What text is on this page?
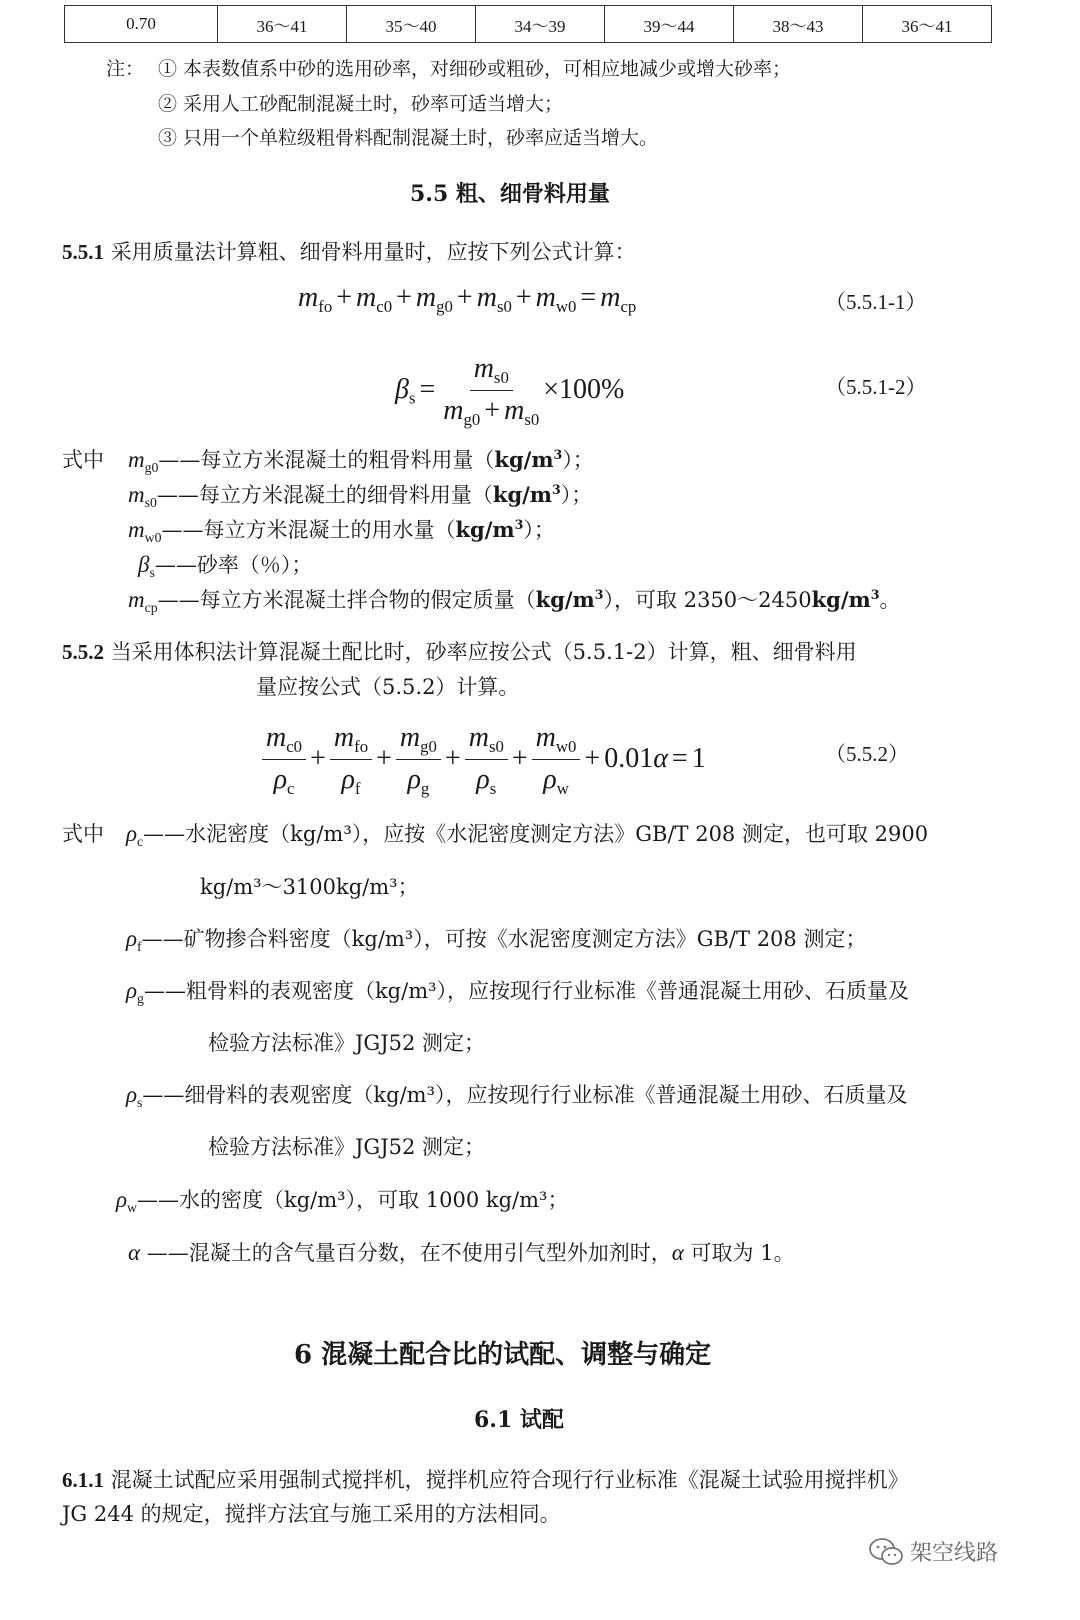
0.70	36～41	35～40	34～39	39～44	38～43	36～41
注： ① 本表数值系中砂的选用砂率，对细砂或粗砂，可相应地减少或增大砂率；
② 采用人工砂配制混凝土时，砂率可适当增大；
③ 只用一个单粒级粗骨料配制混凝土时，砂率应适当增大。
5.5 粗、细骨料用量
5.5.1 采用质量法计算粗、细骨料用量时，应按下列公式计算：
$m_{fo} + m_{c0} + m_{g0} + m_{s0} + m_{w0} = m_{cp}$	（5.5.1-1）
$\beta_s = \frac{m_{s0}}{m_{g0} + m_{s0}} \times 100\%$	（5.5.1-2）
式中 $m_{g0}——$每立方米混凝土的粗骨料用量$(kg/m^3)$；
$m_{s0}——$每立方米混凝土的细骨料用量$(kg/m^3)$；
$m_{w0}——$每立方米混凝土的用水量$(kg/m^3)$；
$\beta_s——$砂率（％）；
$m_{cp}——$每立方米混凝土拌合物的假定质量$(kg/m^3)$，可取 $2350\sim 2450kg/m^3$。
5.5.2 当采用体积法计算混凝土配比时，砂率应按公式（5.5.1-2）计算，粗、细骨料用
量应按公式（5.5.2）计算。
$\frac{m_{c0}}{\rho_c} + \frac{m_{fo}}{\rho_f} + \frac{m_{g0}}{\rho_g} + \frac{m_{s0}}{\rho_s} + \frac{m_{w0}}{\rho_w} + 0.01\alpha = 1$	（5.5.2）
式中 $\rho_c——$水泥密度（kg/m³），应按《水泥密度测定方法》GB/T 208 测定，也可取 2900
kg/m³～3100kg/m³；
$\rho_f——$矿物掺合料密度（kg/m³），可按《水泥密度测定方法》GB/T 208 测定；
$\rho_g——$粗骨料的表观密度（kg/m³），应按现行行业标准《普通混凝土用砂、石质量及
检验方法标准》JGJ52 测定；
$\rho_s——$细骨料的表观密度（kg/m³），应按现行行业标准《普通混凝土用砂、石质量及
检验方法标准》JGJ52 测定；
$\rho_w——$水的密度（kg/m³），可取 1000 kg/m³；
α ——混凝土的含气量百分数，在不使用引气型外加剂时，α 可取为 1。
6 混凝土配合比的试配、调整与确定
6.1 试配
6.1.1 混凝土试配应采用强制式搅拌机，搅拌机应符合现行行业标准《混凝土试验用搅拌机》
JG 244 的规定，搅拌方法宜与施工采用的方法相同。
架空线路
